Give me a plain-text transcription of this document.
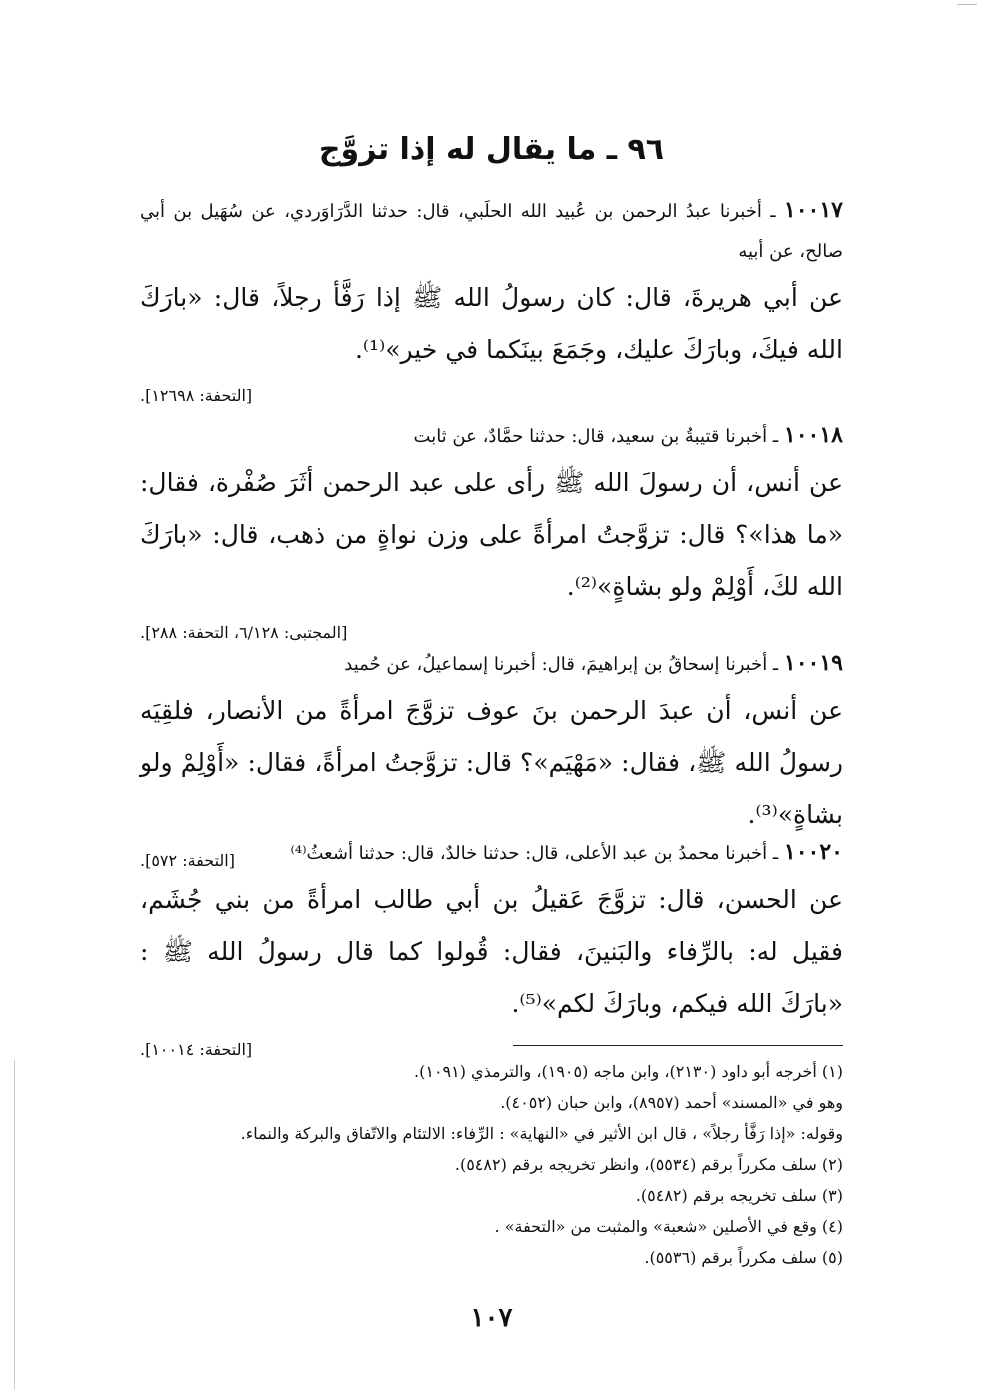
٩٦ ـ ما يقال له إذا تزوَّج
١٠٠١٧ ـ أخبرنا عبدُ الرحمن بن عُبيد الله الحلَبي، قال: حدثنا الدَّرَاوَردي، عن سُهَيل بن أبي صالح، عن أبيه
عن أبي هريرةَ، قال: كان رسولُ الله ﷺ إذا رَفَّأ رجلاً، قال: «بارَكَ الله فيكَ، وبارَكَ عليك، وجَمَعَ بينَكما في خير»⁽¹⁾.
[التحفة: ١٢٦٩٨].
١٠٠١٨ ـ أخبرنا قتيبةُ بن سعيد، قال: حدثنا حمَّادٌ، عن ثابت
عن أنس، أن رسولَ الله ﷺ رأى على عبد الرحمن أثَرَ صُفْرة، فقال: «ما هذا»؟ قال: تزوَّجتُ امرأةً على وزن نواةٍ من ذهب، قال: «بارَكَ الله لكَ، أَوْلِمْ ولو بشاةٍ»⁽²⁾.
[المجتبى: ٦/١٢٨، التحفة: ٢٨٨].
١٠٠١٩ ـ أخبرنا إسحاقُ بن إبراهيمَ، قال: أخبرنا إسماعيلُ، عن حُميد
عن أنس، أن عبدَ الرحمن بنَ عوف تزوَّجَ امرأةً من الأنصار، فلقِيَه رسولُ الله ﷺ، فقال: «مَهْيَم»؟ قال: تزوَّجتُ امرأةً، فقال: «أَوْلِمْ ولو بشاةٍ»⁽³⁾.
[التحفة: ٥٧٢].	١٠٠٢٠ ـ أخبرنا محمدُ بن عبد الأعلى، قال: حدثنا خالدٌ، قال: حدثنا أشعثُ⁽⁴⁾
عن الحسن، قال: تزوَّجَ عَقيلُ بن أبي طالب امرأةً من بني جُشَم، فقيل له: بالرِّفاء والبَنينَ، فقال: قُولوا كما قال رسولُ الله ﷺ : «بارَكَ الله فيكم، وبارَكَ لكم»⁽⁵⁾.
[التحفة: ١٠٠١٤].
(١) أخرجه أبو داود (٢١٣٠)، وابن ماجه (١٩٠٥)، والترمذي (١٠٩١).
وهو في «المسند» أحمد (٨٩٥٧)، وابن حبان (٤٠٥٢).
وقوله: «إذا رَفَّأ رجلاً» ، قال ابن الأثير في «النهاية» : الرِّفاء: الالتئام والاتّفاق والبركة والنماء.
(٢) سلف مكرراً برقم (٥٥٣٤)، وانظر تخريجه برقم (٥٤٨٢).
(٣) سلف تخريجه برقم (٥٤٨٢).
(٤) وقع في الأصلين «شعبة» والمثبت من «التحفة» .
(٥) سلف مكرراً برقم (٥٥٣٦).
١٠٧
